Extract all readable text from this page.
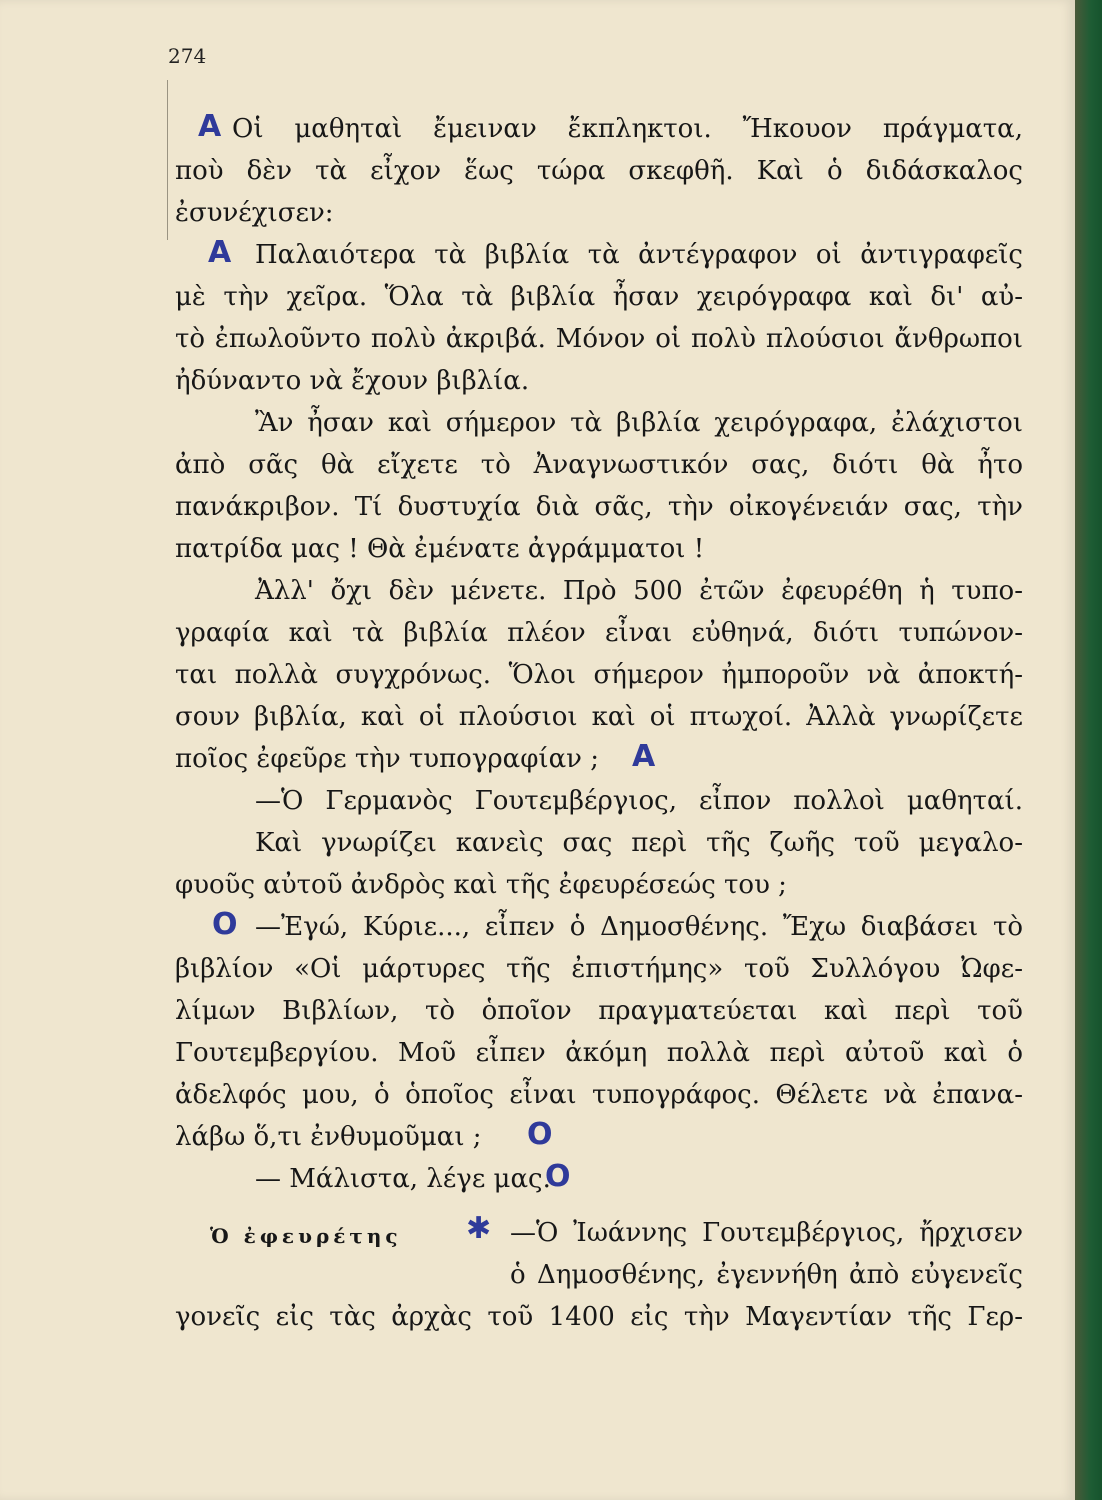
274
Οἱ μαθηταὶ ἔμειναν ἔκπληκτοι. Ἤκουον πράγματα,
ποὺ δὲν τὰ εἶχον ἕως τώρα σκεφθῆ. Καὶ ὁ διδάσκαλος
ἐσυνέχισεν:
Παλαιότερα τὰ βιβλία τὰ ἀντέγραφον οἱ ἀντιγραφεῖς
μὲ τὴν χεῖρα. Ὅλα τὰ βιβλία ἦσαν χειρόγραφα καὶ δι' αὐ-
τὸ ἐπωλοῦντο πολὺ ἀκριβά. Μόνον οἱ πολὺ πλούσιοι ἄνθρωποι
ἠδύναντο νὰ ἔχουν βιβλία.
Ἂν ἦσαν καὶ σήμερον τὰ βιβλία χειρόγραφα, ἐλάχιστοι
ἀπὸ σᾶς θὰ εἴχετε τὸ Ἀναγνωστικόν σας, διότι θὰ ἦτο
πανάκριβον. Τί δυστυχία διὰ σᾶς, τὴν οἰκογένειάν σας, τὴν
πατρίδα μας ! Θὰ ἐμένατε ἀγράμματοι !
Ἀλλ' ὄχι δὲν μένετε. Πρὸ 500 ἐτῶν ἐφευρέθη ἡ τυπο-
γραφία καὶ τὰ βιβλία πλέον εἶναι εὐθηνά, διότι τυπώνον-
ται πολλὰ συγχρόνως. Ὅλοι σήμερον ἠμποροῦν νὰ ἀποκτή-
σουν βιβλία, καὶ οἱ πλούσιοι καὶ οἱ πτωχοί. Ἀλλὰ γνωρίζετε
ποῖος ἐφεῦρε τὴν τυπογραφίαν ;
—Ὁ Γερμανὸς Γουτεμβέργιος, εἶπον πολλοὶ μαθηταί.
Καὶ γνωρίζει κανεὶς σας περὶ τῆς ζωῆς τοῦ μεγαλο-
φυοῦς αὐτοῦ ἀνδρὸς καὶ τῆς ἐφευρέσεώς του ;
—Ἐγώ, Κύριε..., εἶπεν ὁ Δημοσθένης. Ἔχω διαβάσει τὸ
βιβλίον «Οἱ μάρτυρες τῆς ἐπιστήμης» τοῦ Συλλόγου Ὠφε-
λίμων Βιβλίων, τὸ ὁποῖον πραγματεύεται καὶ περὶ τοῦ
Γουτεμβεργίου. Μοῦ εἶπεν ἀκόμη πολλὰ περὶ αὐτοῦ καὶ ὁ
ἀδελφός μου, ὁ ὁποῖος εἶναι τυπογράφος. Θέλετε νὰ ἐπανα-
λάβω ὅ,τι ἐνθυμοῦμαι ;
— Μάλιστα, λέγε μας.
Ὁ ἐφευρέτης	—Ὁ Ἰωάννης Γουτεμβέργιος, ἤρχισεν
ὁ Δημοσθένης, ἐγεννήθη ἀπὸ εὐγενεῖς
γονεῖς εἰς τὰς ἀρχὰς τοῦ 1400 εἰς τὴν Μαγεντίαν τῆς Γερ-
A
A
A
O
O
O
✱
